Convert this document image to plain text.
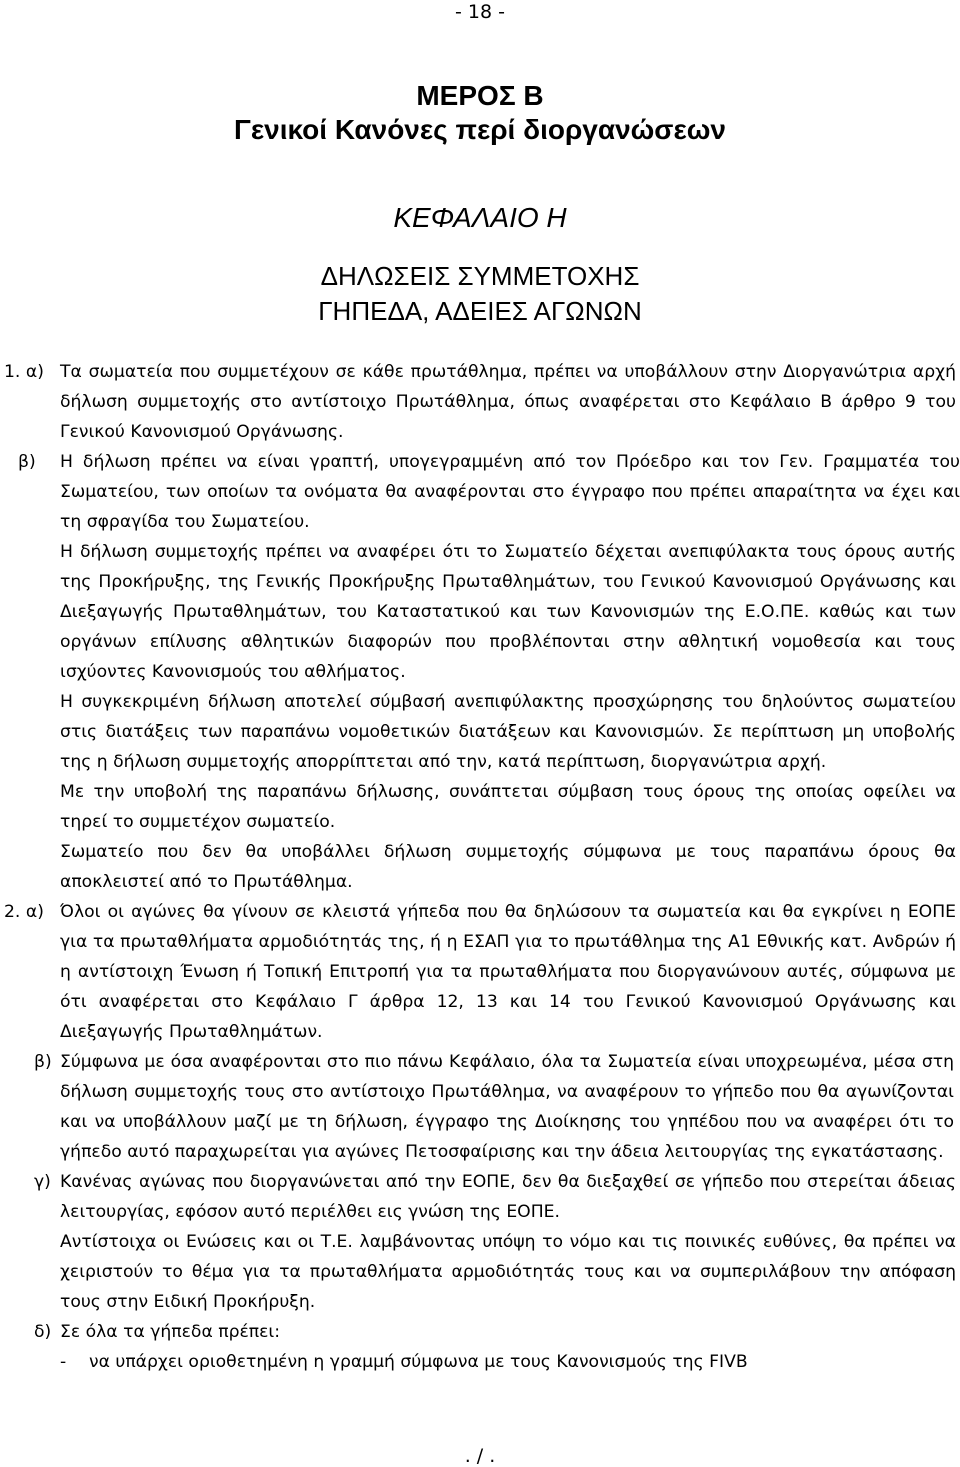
- 18 -
ΜΕΡΟΣ Β
Γενικοί Κανόνες περί διοργανώσεων
ΚΕΦΑΛΑΙΟ Η
ΔΗΛΩΣΕΙΣ ΣΥΜΜΕΤΟΧΗΣ
ΓΗΠΕΔΑ, ΑΔΕΙΕΣ ΑΓΩΝΩΝ
1. α) Τα σωματεία που συμμετέχουν σε κάθε πρωτάθλημα, πρέπει να υποβάλλουν στην Διοργανώτρια αρχή δήλωση συμμετοχής στο αντίστοιχο Πρωτάθλημα, όπως αναφέρεται στο Κεφάλαιο Β άρθρο 9 του Γενικού Κανονισμού Οργάνωσης.
β) Η δήλωση πρέπει να είναι γραπτή, υπογεγραμμένη από τον Πρόεδρο και τον Γεν. Γραμματέα του Σωματείου, των οποίων τα ονόματα θα αναφέρονται στο έγγραφο που πρέπει απαραίτητα να έχει και τη σφραγίδα του Σωματείου.
Η δήλωση συμμετοχής πρέπει να αναφέρει ότι το Σωματείο δέχεται ανεπιφύλακτα τους όρους αυτής της Προκήρυξης, της Γενικής Προκήρυξης Πρωταθλημάτων, του Γενικού Κανονισμού Οργάνωσης και Διεξαγωγής Πρωταθλημάτων, του Καταστατικού και των Κανονισμών της Ε.Ο.ΠΕ. καθώς και των οργάνων επίλυσης αθλητικών διαφορών που προβλέπονται στην αθλητική νομοθεσία και τους ισχύοντες Κανονισμούς του αθλήματος.
Η συγκεκριμένη δήλωση αποτελεί σύμβασή ανεπιφύλακτης προσχώρησης του δηλούντος σωματείου στις διατάξεις των παραπάνω νομοθετικών διατάξεων και Κανονισμών. Σε περίπτωση μη υποβολής της η δήλωση συμμετοχής απορρίπτεται από την, κατά περίπτωση, διοργανώτρια αρχή.
Με την υποβολή της παραπάνω δήλωσης, συνάπτεται σύμβαση τους όρους της οποίας οφείλει να τηρεί το συμμετέχον σωματείο.
Σωματείο που δεν θα υποβάλλει δήλωση συμμετοχής σύμφωνα με τους παραπάνω όρους θα αποκλειστεί από το Πρωτάθλημα.
2. α) Όλοι οι αγώνες θα γίνουν σε κλειστά γήπεδα που θα δηλώσουν τα σωματεία και θα εγκρίνει η ΕΟΠΕ για τα πρωταθλήματα αρμοδιότητάς της, ή η ΕΣΑΠ για το πρωτάθλημα της Α1 Εθνικής κατ. Ανδρών ή η αντίστοιχη Ένωση ή Τοπική Επιτροπή για τα πρωταθλήματα που διοργανώνουν αυτές, σύμφωνα με ότι αναφέρεται στο Κεφάλαιο Γ άρθρα 12, 13 και 14 του Γενικού Κανονισμού Οργάνωσης και Διεξαγωγής Πρωταθλημάτων.
β) Σύμφωνα με όσα αναφέρονται στο πιο πάνω Κεφάλαιο, όλα τα Σωματεία είναι υποχρεωμένα, μέσα στη δήλωση συμμετοχής τους στο αντίστοιχο Πρωτάθλημα, να αναφέρουν το γήπεδο που θα αγωνίζονται και να υποβάλλουν μαζί με τη δήλωση, έγγραφο της Διοίκησης του γηπέδου που να αναφέρει ότι το γήπεδο αυτό παραχωρείται για αγώνες Πετοσφαίρισης και την άδεια λειτουργίας της εγκατάστασης.
γ) Κανένας αγώνας που διοργανώνεται από την ΕΟΠΕ, δεν θα διεξαχθεί σε γήπεδο που στερείται άδειας λειτουργίας, εφόσον αυτό περιέλθει εις γνώση της ΕΟΠΕ.
Αντίστοιχα οι Ενώσεις και οι Τ.Ε. λαμβάνοντας υπόψη το νόμο και τις ποινικές ευθύνες, θα πρέπει να χειριστούν το θέμα για τα πρωταθλήματα αρμοδιότητάς τους και να συμπεριλάβουν την απόφαση τους στην Ειδική Προκήρυξη.
δ) Σε όλα τα γήπεδα πρέπει:
- να υπάρχει οριοθετημένη η γραμμή σύμφωνα με τους Κανονισμούς της FIVB
. / .
